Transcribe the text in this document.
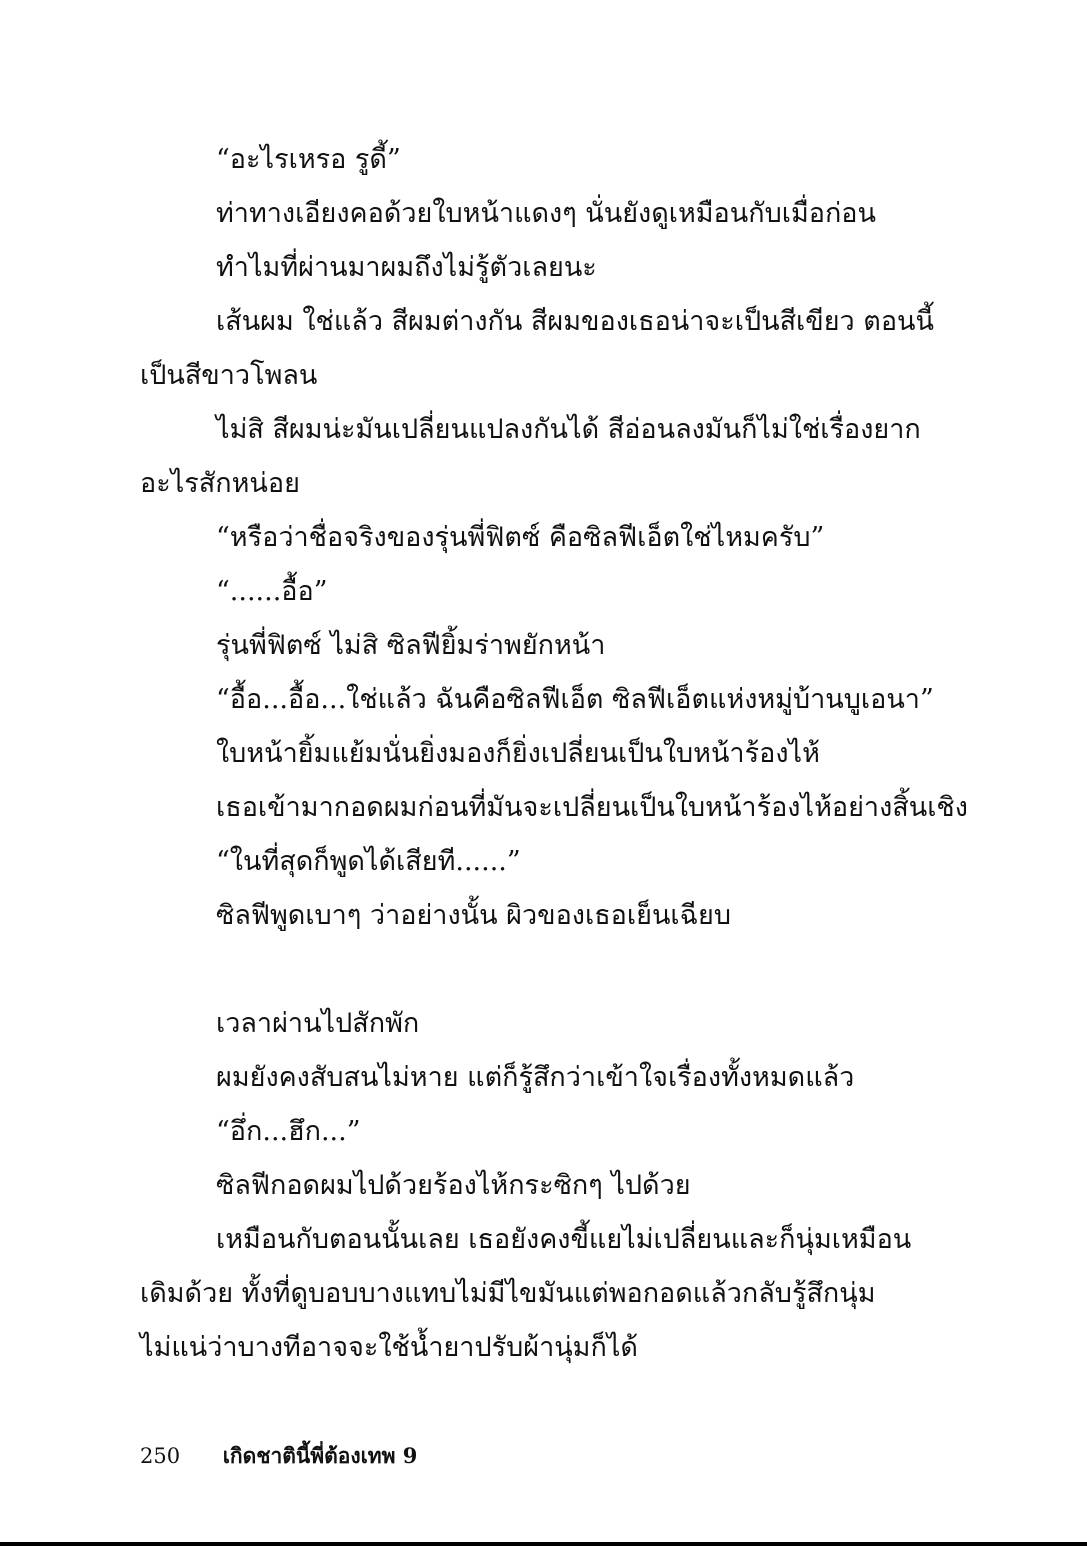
“อะไรเหรอ รูดี้”
ท่าทางเอียงคอด้วยใบหน้าแดงๆ นั่นยังดูเหมือนกับเมื่อก่อน
ทำไมที่ผ่านมาผมถึงไม่รู้ตัวเลยนะ
เส้นผม ใช่แล้ว สีผมต่างกัน สีผมของเธอน่าจะเป็นสีเขียว ตอนนี้
เป็นสีขาวโพลน
ไม่สิ สีผมน่ะมันเปลี่ยนแปลงกันได้ สีอ่อนลงมันก็ไม่ใช่เรื่องยาก
อะไรสักหน่อย
“หรือว่าชื่อจริงของรุ่นพี่ฟิตซ์ คือซิลฟีเอ็ตใช่ไหมครับ”
“......อื้อ”
รุ่นพี่ฟิตซ์ ไม่สิ ซิลฟียิ้มร่าพยักหน้า
“อื้อ...อื้อ...ใช่แล้ว ฉันคือซิลฟีเอ็ต ซิลฟีเอ็ตแห่งหมู่บ้านบูเอนา”
ใบหน้ายิ้มแย้มนั่นยิ่งมองก็ยิ่งเปลี่ยนเป็นใบหน้าร้องไห้
เธอเข้ามากอดผมก่อนที่มันจะเปลี่ยนเป็นใบหน้าร้องไห้อย่างสิ้นเชิง
“ในที่สุดก็พูดได้เสียที......”
ซิลฟีพูดเบาๆ ว่าอย่างนั้น ผิวของเธอเย็นเฉียบ
เวลาผ่านไปสักพัก
ผมยังคงสับสนไม่หาย แต่ก็รู้สึกว่าเข้าใจเรื่องทั้งหมดแล้ว
“อึ่ก...ฮึก...”
ซิลฟีกอดผมไปด้วยร้องไห้กระซิกๆ ไปด้วย
เหมือนกับตอนนั้นเลย เธอยังคงขี้แยไม่เปลี่ยนและก็นุ่มเหมือน
เดิมด้วย ทั้งที่ดูบอบบางแทบไม่มีไขมันแต่พอกอดแล้วกลับรู้สึกนุ่ม
ไม่แน่ว่าบางทีอาจจะใช้น้ำยาปรับผ้านุ่มก็ได้
250 เกิดชาตินี้พี่ต้องเทพ 9
